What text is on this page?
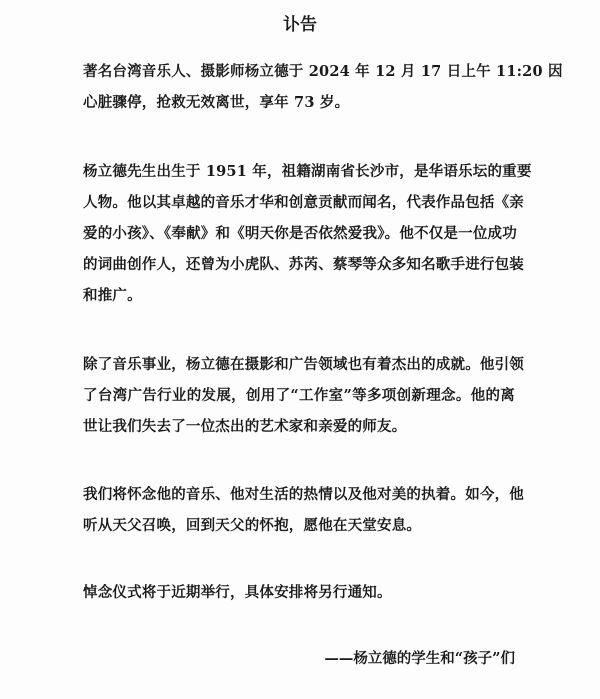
讣告
著名台湾音乐人、摄影师杨立德于 2024 年 12 月 17 日上午 11:20 因
心脏骤停，抢救无效离世，享年 73 岁。
杨立德先生出生于 1951 年，祖籍湖南省长沙市，是华语乐坛的重要
人物。他以其卓越的音乐才华和创意贡献而闻名，代表作品包括《亲
爱的小孩》、《奉献》和《明天你是否依然爱我》。他不仅是一位成功
的词曲创作人，还曾为小虎队、苏芮、蔡琴等众多知名歌手进行包装
和推广。
除了音乐事业，杨立德在摄影和广告领域也有着杰出的成就。他引领
了台湾广告行业的发展，创用了“工作室”等多项创新理念。他的离
世让我们失去了一位杰出的艺术家和亲爱的师友。
我们将怀念他的音乐、他对生活的热情以及他对美的执着。如今，他
听从天父召唤，回到天父的怀抱，愿他在天堂安息。
悼念仪式将于近期举行，具体安排将另行通知。
——杨立德的学生和“孩子”们
